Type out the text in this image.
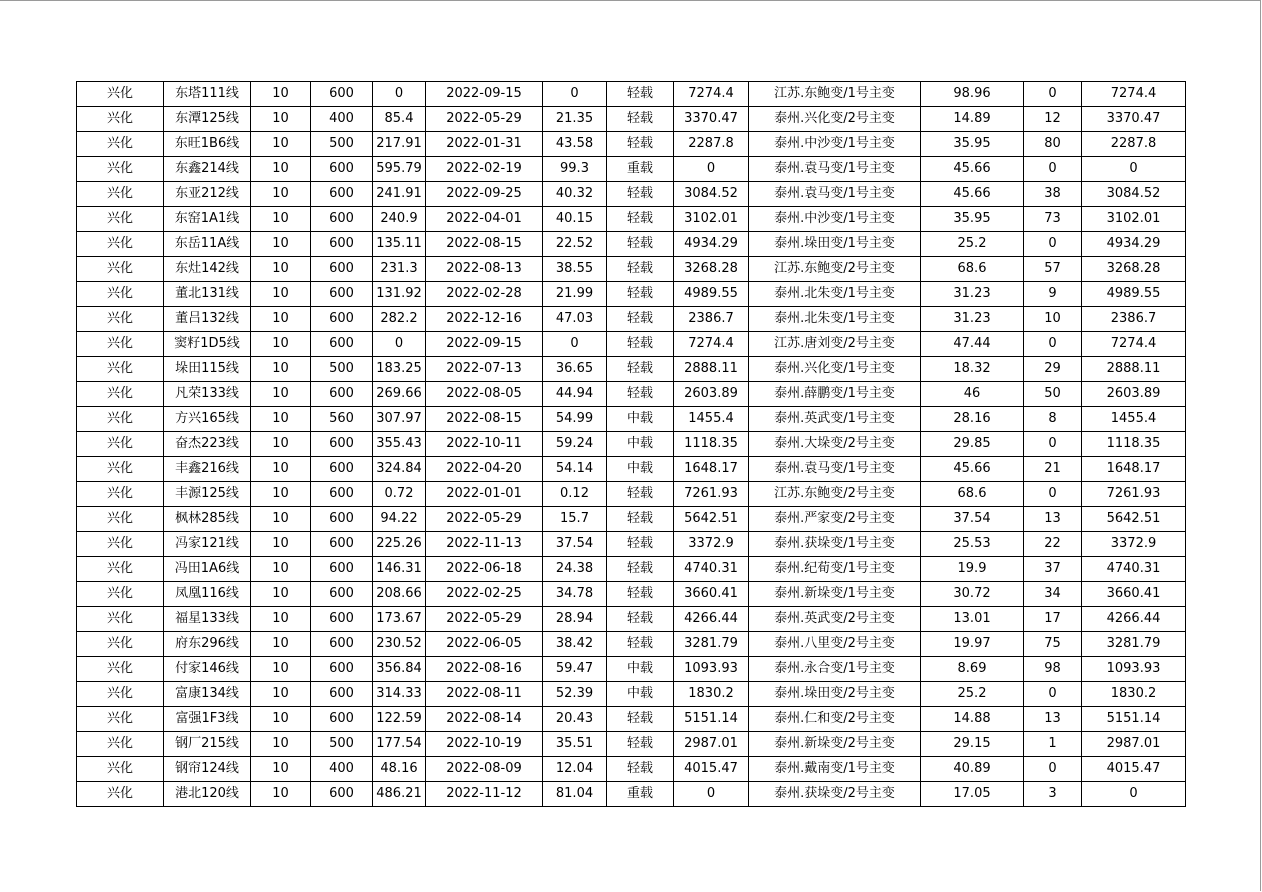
兴化	东塔111线	10	600	0	2022-09-15	0	轻载	7274.4	江苏.东鲍变/1号主变	98.96	0	7274.4
兴化	东潭125线	10	400	85.4	2022-05-29	21.35	轻载	3370.47	泰州.兴化变/2号主变	14.89	12	3370.47
兴化	东旺1B6线	10	500	217.91	2022-01-31	43.58	轻载	2287.8	泰州.中沙变/1号主变	35.95	80	2287.8
兴化	东鑫214线	10	600	595.79	2022-02-19	99.3	重载	0	泰州.袁马变/1号主变	45.66	0	0
兴化	东亚212线	10	600	241.91	2022-09-25	40.32	轻载	3084.52	泰州.袁马变/1号主变	45.66	38	3084.52
兴化	东窑1A1线	10	600	240.9	2022-04-01	40.15	轻载	3102.01	泰州.中沙变/1号主变	35.95	73	3102.01
兴化	东岳11A线	10	600	135.11	2022-08-15	22.52	轻载	4934.29	泰州.垛田变/1号主变	25.2	0	4934.29
兴化	东灶142线	10	600	231.3	2022-08-13	38.55	轻载	3268.28	江苏.东鲍变/2号主变	68.6	57	3268.28
兴化	董北131线	10	600	131.92	2022-02-28	21.99	轻载	4989.55	泰州.北朱变/1号主变	31.23	9	4989.55
兴化	董吕132线	10	600	282.2	2022-12-16	47.03	轻载	2386.7	泰州.北朱变/1号主变	31.23	10	2386.7
兴化	窦籽1D5线	10	600	0	2022-09-15	0	轻载	7274.4	江苏.唐刘变/2号主变	47.44	0	7274.4
兴化	垛田115线	10	500	183.25	2022-07-13	36.65	轻载	2888.11	泰州.兴化变/1号主变	18.32	29	2888.11
兴化	凡荣133线	10	600	269.66	2022-08-05	44.94	轻载	2603.89	泰州.薛鹏变/1号主变	46	50	2603.89
兴化	方兴165线	10	560	307.97	2022-08-15	54.99	中载	1455.4	泰州.英武变/1号主变	28.16	8	1455.4
兴化	奋杰223线	10	600	355.43	2022-10-11	59.24	中载	1118.35	泰州.大垛变/2号主变	29.85	0	1118.35
兴化	丰鑫216线	10	600	324.84	2022-04-20	54.14	中载	1648.17	泰州.袁马变/1号主变	45.66	21	1648.17
兴化	丰源125线	10	600	0.72	2022-01-01	0.12	轻载	7261.93	江苏.东鲍变/2号主变	68.6	0	7261.93
兴化	枫林285线	10	600	94.22	2022-05-29	15.7	轻载	5642.51	泰州.严家变/2号主变	37.54	13	5642.51
兴化	冯家121线	10	600	225.26	2022-11-13	37.54	轻载	3372.9	泰州.获垛变/1号主变	25.53	22	3372.9
兴化	冯田1A6线	10	600	146.31	2022-06-18	24.38	轻载	4740.31	泰州.纪荀变/1号主变	19.9	37	4740.31
兴化	凤凰116线	10	600	208.66	2022-02-25	34.78	轻载	3660.41	泰州.新垛变/1号主变	30.72	34	3660.41
兴化	福星133线	10	600	173.67	2022-05-29	28.94	轻载	4266.44	泰州.英武变/2号主变	13.01	17	4266.44
兴化	府东296线	10	600	230.52	2022-06-05	38.42	轻载	3281.79	泰州.八里变/2号主变	19.97	75	3281.79
兴化	付家146线	10	600	356.84	2022-08-16	59.47	中载	1093.93	泰州.永合变/1号主变	8.69	98	1093.93
兴化	富康134线	10	600	314.33	2022-08-11	52.39	中载	1830.2	泰州.垛田变/2号主变	25.2	0	1830.2
兴化	富强1F3线	10	600	122.59	2022-08-14	20.43	轻载	5151.14	泰州.仁和变/2号主变	14.88	13	5151.14
兴化	钢厂215线	10	500	177.54	2022-10-19	35.51	轻载	2987.01	泰州.新垛变/2号主变	29.15	1	2987.01
兴化	钢帘124线	10	400	48.16	2022-08-09	12.04	轻载	4015.47	泰州.戴南变/1号主变	40.89	0	4015.47
兴化	港北120线	10	600	486.21	2022-11-12	81.04	重载	0	泰州.获垛变/2号主变	17.05	3	0
